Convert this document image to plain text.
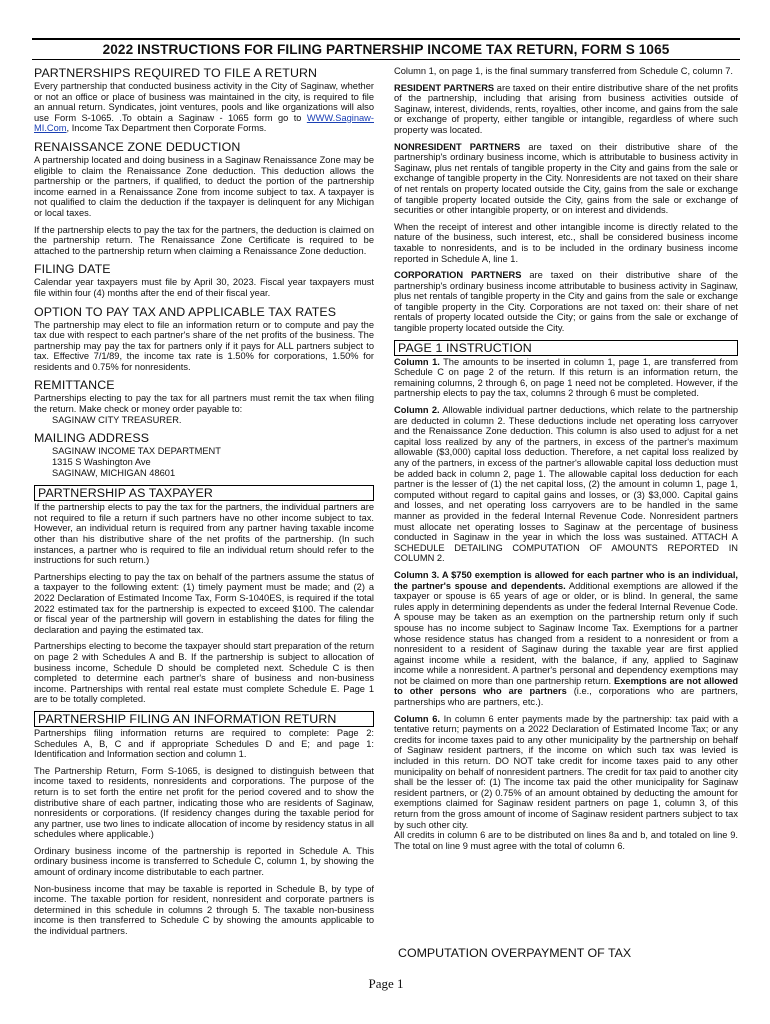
2022 INSTRUCTIONS FOR FILING PARTNERSHIP INCOME TAX RETURN, FORM S 1065
PARTNERSHIPS REQUIRED TO FILE A RETURN

Every partnership that conducted business activity in the City of Saginaw, whether or not an office or place of business was maintained in the city, is required to file an annual return. Syndicates, joint ventures, pools and like organizations will also use Form S-1065. .To obtain a Saginaw - 1065 form go to WWW.Saginaw-MI.Com, Income Tax Department then Corporate Forms.

RENAISSANCE ZONE DEDUCTION

A partnership located and doing business in a Saginaw Renaissance Zone may be eligible to claim the Renaissance Zone deduction. This deduction allows the partnership or the partners, if qualified, to deduct the portion of the partnership income earned in a Renaissance Zone from income subject to tax. A taxpayer is not qualified to claim the deduction if the taxpayer is delinquent for any Michigan or local taxes.

If the partnership elects to pay the tax for the partners, the deduction is claimed on the partnership return. The Renaissance Zone Certificate is required to be attached to the partnership return when claiming a Renaissance Zone deduction.

FILING DATE

Calendar year taxpayers must file by April 30, 2023. Fiscal year taxpayers must file within four (4) months after the end of their fiscal year.

OPTION TO PAY TAX AND APPLICABLE TAX RATES

The partnership may elect to file an information return or to compute and pay the tax due with respect to each partner's share of the net profits of the business. The partnership may pay the tax for partners only if it pays for ALL partners subject to tax. Effective 7/1/89, the income tax rate is 1.50% for corporations, 1.50% for residents and 0.75% for nonresidents.

REMITTANCE

Partnerships electing to pay the tax for all partners must remit the tax when filing the return. Make check or money order payable to:
SAGINAW CITY TREASURER.

MAILING ADDRESS
SAGINAW INCOME TAX DEPARTMENT
1315 S Washington Ave
SAGINAW, MICHIGAN 48601
PARTNERSHIP AS TAXPAYER

If the partnership elects to pay the tax for the partners, the individual partners are not required to file a return if such partners have no other income subject to tax. However, an individual return is required from any partner having taxable income other than his distributive share of the net profits of the partnership. (In such instances, a partner who is required to file an individual return should refer to the instructions for such return.)

Partnerships electing to pay the tax on behalf of the partners assume the status of a taxpayer to the following extent: (1) timely payment must be made; and (2) a 2022 Declaration of Estimated Income Tax, Form S-1040ES, is required if the total 2022 estimated tax for the partnership is expected to exceed $100. The calendar or fiscal year of the partnership will govern in establishing the dates for filing the declaration and paying the estimated tax.

Partnerships electing to become the taxpayer should start preparation of the return on page 2 with Schedules A and B. If the partnership is subject to allocation of business income, Schedule D should be completed next. Schedule C is then completed to determine each partner's share of business and non-business income. Partnerships with rental real estate must complete Schedule E. Page 1 are to be totally completed.

PARTNERSHIP FILING AN INFORMATION RETURN

Partnerships filing information returns are required to complete: Page 2: Schedules A, B, C and if appropriate Schedules D and E; and page 1: Identification and Information section and column 1.

The Partnership Return, Form S-1065, is designed to distinguish between that income taxed to residents, nonresidents and corporations. The purpose of the return is to set forth the entire net profit for the period covered and to show the distributive share of each partner, indicating those who are residents of Saginaw, nonresidents or corporations. (If residency changes during the taxable period for any partner, use two lines to indicate allocation of income by residency status in all schedules where applicable.)

Ordinary business income of the partnership is reported in Schedule A. This ordinary business income is transferred to Schedule C, column 1, by showing the amount of ordinary income distributable to each partner.

Non-business income that may be taxable is reported in Schedule B, by type of income. The taxable portion for resident, nonresident and corporate partners is determined in this schedule in columns 2 through 5. The taxable non-business income is then transferred to Schedule C by showing the amounts applicable to the individual partners.

Column 1, on page 1, is the final summary transferred from Schedule C, column 7.

RESIDENT PARTNERS are taxed on their entire distributive share of the net profits of the partnership, including that arising from business activities outside of Saginaw, interest, dividends, rents, royalties, other income, and gains from the sale or exchange of property, either tangible or intangible, regardless of where such property was located.

NONRESIDENT PARTNERS are taxed on their distributive share of the partnership's ordinary business income, which is attributable to business activity in Saginaw, plus net rentals of tangible property in the City and gains from the sale or exchange of tangible property in the City. Nonresidents are not taxed on their share of net rentals on property located outside the City, gains from the sale or exchange of tangible property located outside the City, gains from the sale or exchange of securities or other intangible property, or on interest and dividends.

When the receipt of interest and other intangible income is directly related to the nature of the business, such interest, etc., shall be considered business income taxable to nonresidents, and is to be included in the ordinary business income reported in Schedule A, line 1.

CORPORATION PARTNERS are taxed on their distributive share of the partnership's ordinary business income attributable to business activity in Saginaw, plus net rentals of tangible property in the City and gains from the sale or exchange of tangible property in the City. Corporations are not taxed on: their share of net rentals of property located outside the City; or gains from the sale or exchange of tangible property located outside the City.

PAGE 1 INSTRUCTION

Column 1. The amounts to be inserted in column 1, page 1, are transferred from Schedule C on page 2 of the return. If this return is an information return, the remaining columns, 2 through 6, on page 1 need not be completed. However, if the partnership elects to pay the tax, columns 2 through 6 must be completed.

Column 2. Allowable individual partner deductions, which relate to the partnership are deducted in column 2. These deductions include net operating loss carryover and the Renaissance Zone deduction. This column is also used to adjust for a net capital loss realized by any of the partners, in excess of the partner's maximum allowable ($3,000) capital loss deduction. Therefore, a net capital loss realized by any of the partners, in excess of the partner's allowable capital loss deduction must be added back in column 2, page 1. The allowable capital loss deduction for each partner is the lesser of (1) the net capital loss, (2) the amount in column 1, page 1, computed without regard to capital gains and losses, or (3) $3,000. Capital gains and losses, and net operating loss carryovers are to be handled in the same manner as provided in the federal Internal Revenue Code. Nonresident partners must allocate net operating losses to Saginaw at the percentage of business conducted in Saginaw in the year in which the loss was sustained. ATTACH A SCHEDULE DETAILING COMPUTATION OF AMOUNTS REPORTED IN COLUMN 2.

Column 3. A $750 exemption is allowed for each partner who is an individual, the partner's spouse and dependents. Additional exemptions are allowed if the taxpayer or spouse is 65 years of age or older, or is blind. In general, the same rules apply in determining dependents as under the federal Internal Revenue Code. A spouse may be taken as an exemption on the partnership return only if such spouse has no income subject to Saginaw Income Tax. Exemptions for a partner whose residence status has changed from a resident to a nonresident or from a nonresident to a resident of Saginaw during the taxable year are first applied against income while a resident, with the balance, if any, applied to Saginaw income while a nonresident. A partner's personal and dependency exemptions may not be claimed on more than one partnership return. Exemptions are not allowed to other persons who are partners (i.e., corporations who are partners, partnerships who are partners, etc.).

Column 6. In column 6 enter payments made by the partnership: tax paid with a tentative return; payments on a 2022 Declaration of Estimated Income Tax; or any credits for income taxes paid to any other municipality by the partnership on behalf of Saginaw resident partners, if the income on which such tax was levied is included in this return. DO NOT take credit for income taxes paid to any other municipality on behalf of nonresident partners. The credit for tax paid to another city shall be the lesser of: (1) The income tax paid the other municipality for Saginaw resident partners, or (2) 0.75% of an amount obtained by deducting the amount for exemptions claimed for Saginaw resident partners on page 1, column 3, of this return from the gross amount of income of Saginaw resident partners subject to tax by such other city.
All credits in column 6 are to be distributed on lines 8a and b, and totaled on line 9. The total on line 9 must agree with the total of column 6.

COMPUTATION OVERPAYMENT OF TAX
Page 1
